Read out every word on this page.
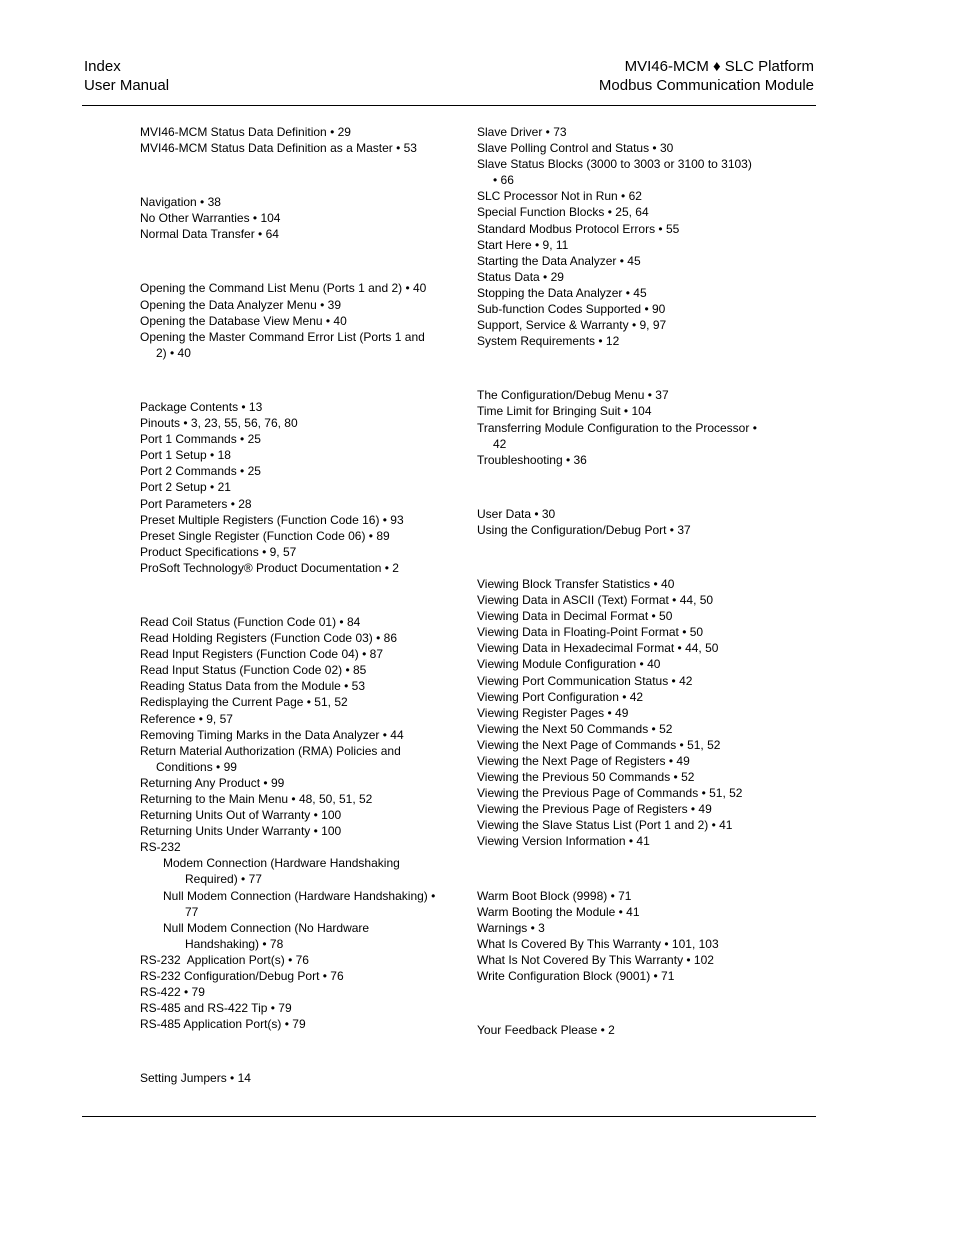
Index
User Manual
MVI46-MCM ♦ SLC Platform
Modbus Communication Module
MVI46-MCM Status Data Definition • 29
MVI46-MCM Status Data Definition as a Master • 53
Navigation • 38
No Other Warranties • 104
Normal Data Transfer • 64
Opening the Command List Menu (Ports 1 and 2) • 40
Opening the Data Analyzer Menu • 39
Opening the Database View Menu • 40
Opening the Master Command Error List (Ports 1 and 2) • 40
Package Contents • 13
Pinouts • 3, 23, 55, 56, 76, 80
Port 1 Commands • 25
Port 1 Setup • 18
Port 2 Commands • 25
Port 2 Setup • 21
Port Parameters • 28
Preset Multiple Registers (Function Code 16) • 93
Preset Single Register (Function Code 06) • 89
Product Specifications • 9, 57
ProSoft Technology® Product Documentation • 2
Read Coil Status (Function Code 01) • 84
Read Holding Registers (Function Code 03) • 86
Read Input Registers (Function Code 04) • 87
Read Input Status (Function Code 02) • 85
Reading Status Data from the Module • 53
Redisplaying the Current Page • 51, 52
Reference • 9, 57
Removing Timing Marks in the Data Analyzer • 44
Return Material Authorization (RMA) Policies and Conditions • 99
Returning Any Product • 99
Returning to the Main Menu • 48, 50, 51, 52
Returning Units Out of Warranty • 100
Returning Units Under Warranty • 100
RS-232
Modem Connection (Hardware Handshaking Required) • 77
Null Modem Connection (Hardware Handshaking) • 77
Null Modem Connection (No Hardware Handshaking) • 78
RS-232  Application Port(s) • 76
RS-232 Configuration/Debug Port • 76
RS-422 • 79
RS-485 and RS-422 Tip • 79
RS-485 Application Port(s) • 79
Setting Jumpers • 14
Slave Driver • 73
Slave Polling Control and Status • 30
Slave Status Blocks (3000 to 3003 or 3100 to 3103) • 66
SLC Processor Not in Run • 62
Special Function Blocks • 25, 64
Standard Modbus Protocol Errors • 55
Start Here • 9, 11
Starting the Data Analyzer • 45
Status Data • 29
Stopping the Data Analyzer • 45
Sub-function Codes Supported • 90
Support, Service & Warranty • 9, 97
System Requirements • 12
The Configuration/Debug Menu • 37
Time Limit for Bringing Suit • 104
Transferring Module Configuration to the Processor • 42
Troubleshooting • 36
User Data • 30
Using the Configuration/Debug Port • 37
Viewing Block Transfer Statistics • 40
Viewing Data in ASCII (Text) Format • 44, 50
Viewing Data in Decimal Format • 50
Viewing Data in Floating-Point Format • 50
Viewing Data in Hexadecimal Format • 44, 50
Viewing Module Configuration • 40
Viewing Port Communication Status • 42
Viewing Port Configuration • 42
Viewing Register Pages • 49
Viewing the Next 50 Commands • 52
Viewing the Next Page of Commands • 51, 52
Viewing the Next Page of Registers • 49
Viewing the Previous 50 Commands • 52
Viewing the Previous Page of Commands • 51, 52
Viewing the Previous Page of Registers • 49
Viewing the Slave Status List (Port 1 and 2) • 41
Viewing Version Information • 41
Warm Boot Block (9998) • 71
Warm Booting the Module • 41
Warnings • 3
What Is Covered By This Warranty • 101, 103
What Is Not Covered By This Warranty • 102
Write Configuration Block (9001) • 71
Your Feedback Please • 2
